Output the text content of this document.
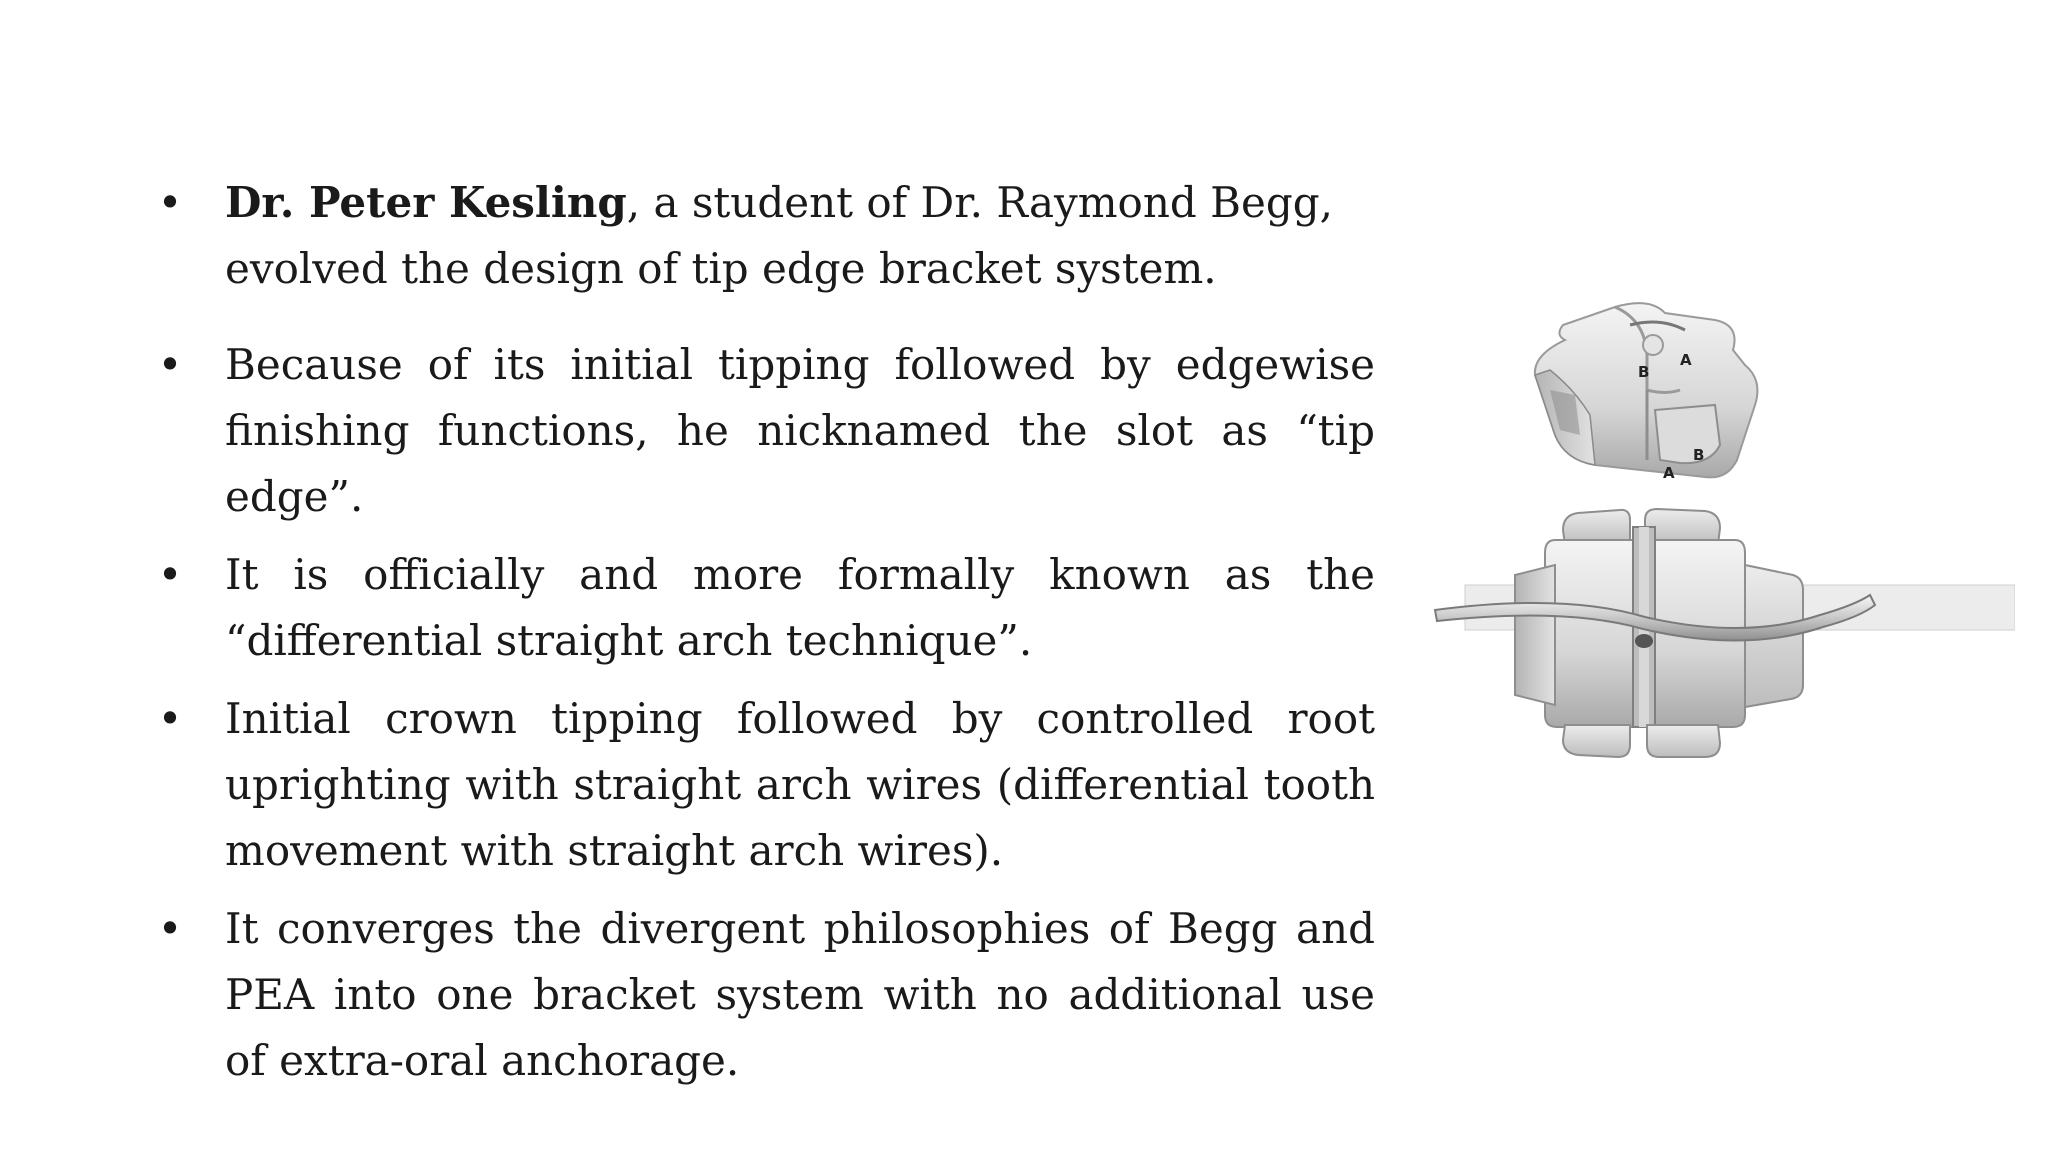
• Dr. Peter Kesling, a student of Dr. Raymond Begg, evolved the design of tip edge bracket system.
• Because of its initial tipping followed by edgewise finishing functions, he nicknamed the slot as “tip edge”.
• It is officially and more formally known as the “differential straight arch technique”.
• Initial crown tipping followed by controlled root uprighting with straight arch wires (differential tooth movement with straight arch wires).
• It converges the divergent philosophies of Begg and PEA into one bracket system with no additional use of extra-oral anchorage.
B
A
A
B
